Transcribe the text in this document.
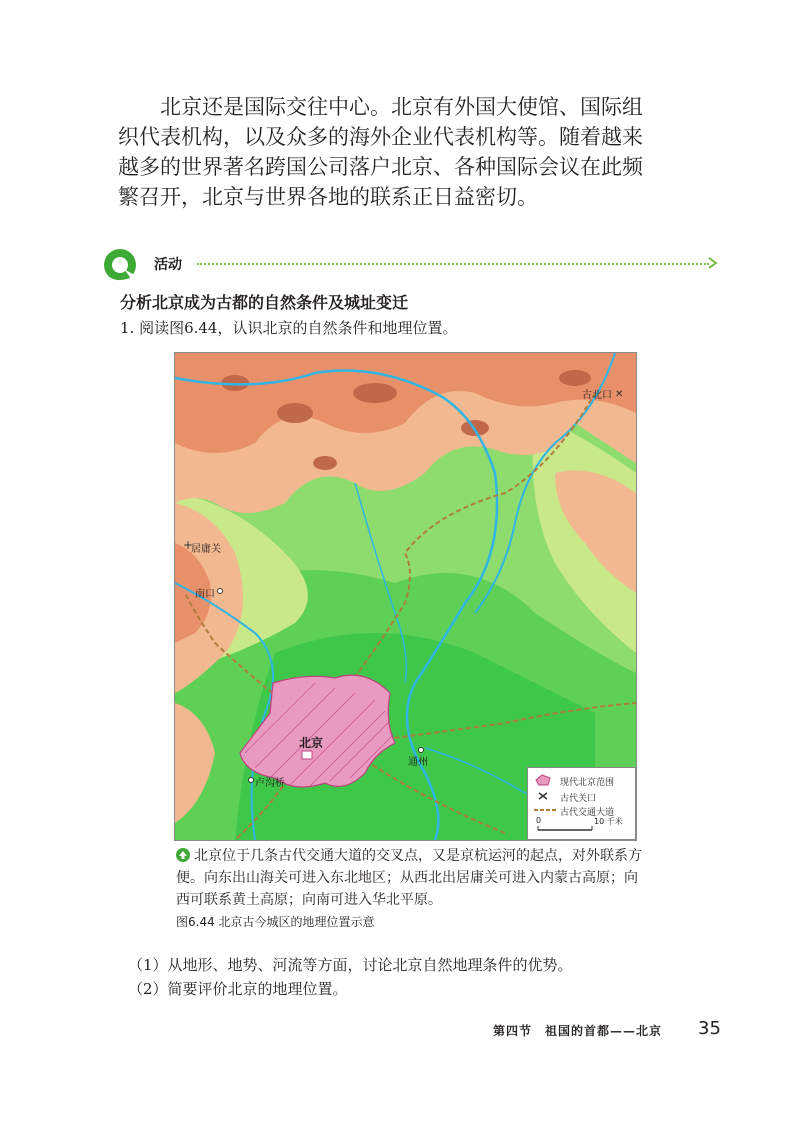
北京还是国际交往中心。北京有外国大使馆、国际组织代表机构，以及众多的海外企业代表机构等。随着越来越多的世界著名跨国公司落户北京、各种国际会议在此频繁召开，北京与世界各地的联系正日益密切。

活动
分析北京成为古都的自然条件及城址变迁
1. 阅读图6.44，认识北京的自然条件和地理位置。
✕
+
古北口
居庸关
南口
北京
通州
卢沟桥	现代北京范围
古代关口
古代交通大道
0	10 千米

北京位于几条古代交通大道的交叉点，又是京杭运河的起点，对外联系方便。向东出山海关可进入东北地区；从西北出居庸关可进入内蒙古高原；向西可联系黄土高原；向南可进入华北平原。

图6.44 北京古今城区的地理位置示意
（1）从地形、地势、河流等方面，讨论北京自然地理条件的优势。
（2）简要评价北京的地理位置。
第四节　祖国的首都——北京 35
